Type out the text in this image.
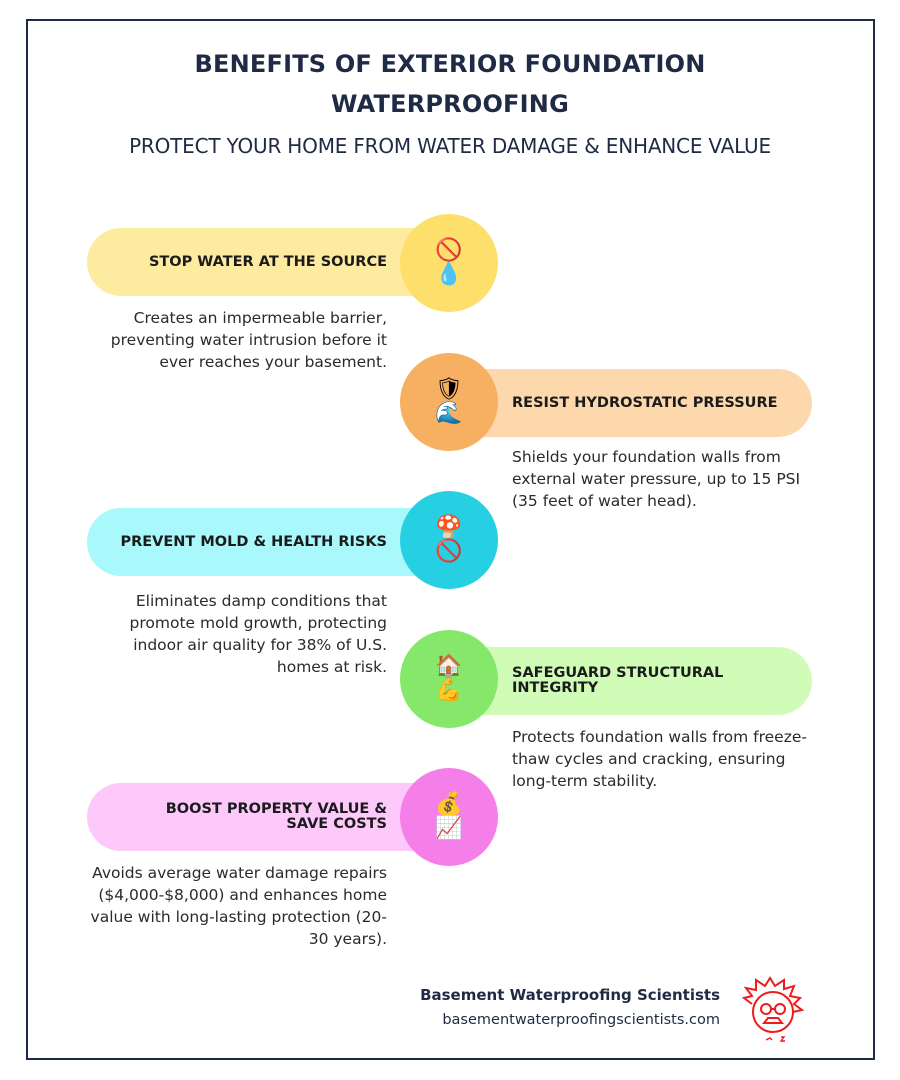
BENEFITS OF EXTERIOR FOUNDATION
WATERPROOFING
PROTECT YOUR HOME FROM WATER DAMAGE & ENHANCE VALUE
STOP WATER AT THE SOURCE 🚫
💧
Creates an impermeable barrier, preventing water intrusion before it ever reaches your basement.
RESIST HYDROSTATIC PRESSURE
🛡
🌊
Shields your foundation walls from external water pressure, up to 15 PSI (35 feet of water head).
PREVENT MOLD & HEALTH RISKS
🍄
🚫
Eliminates damp conditions that promote mold growth, protecting indoor air quality for 38% of U.S. homes at risk.	SAFEGUARD STRUCTURAL INTEGRITY
🏠
💪
Protects foundation walls from freeze-thaw cycles and cracking, ensuring long-term stability.
BOOST PROPERTY VALUE & SAVE COSTS
💰
📈
Avoids average water damage repairs ($4,000-$8,000) and enhances home value with long-lasting protection (20-30 years).
Basement Waterproofing Scientists
basementwaterproofingscientists.com
